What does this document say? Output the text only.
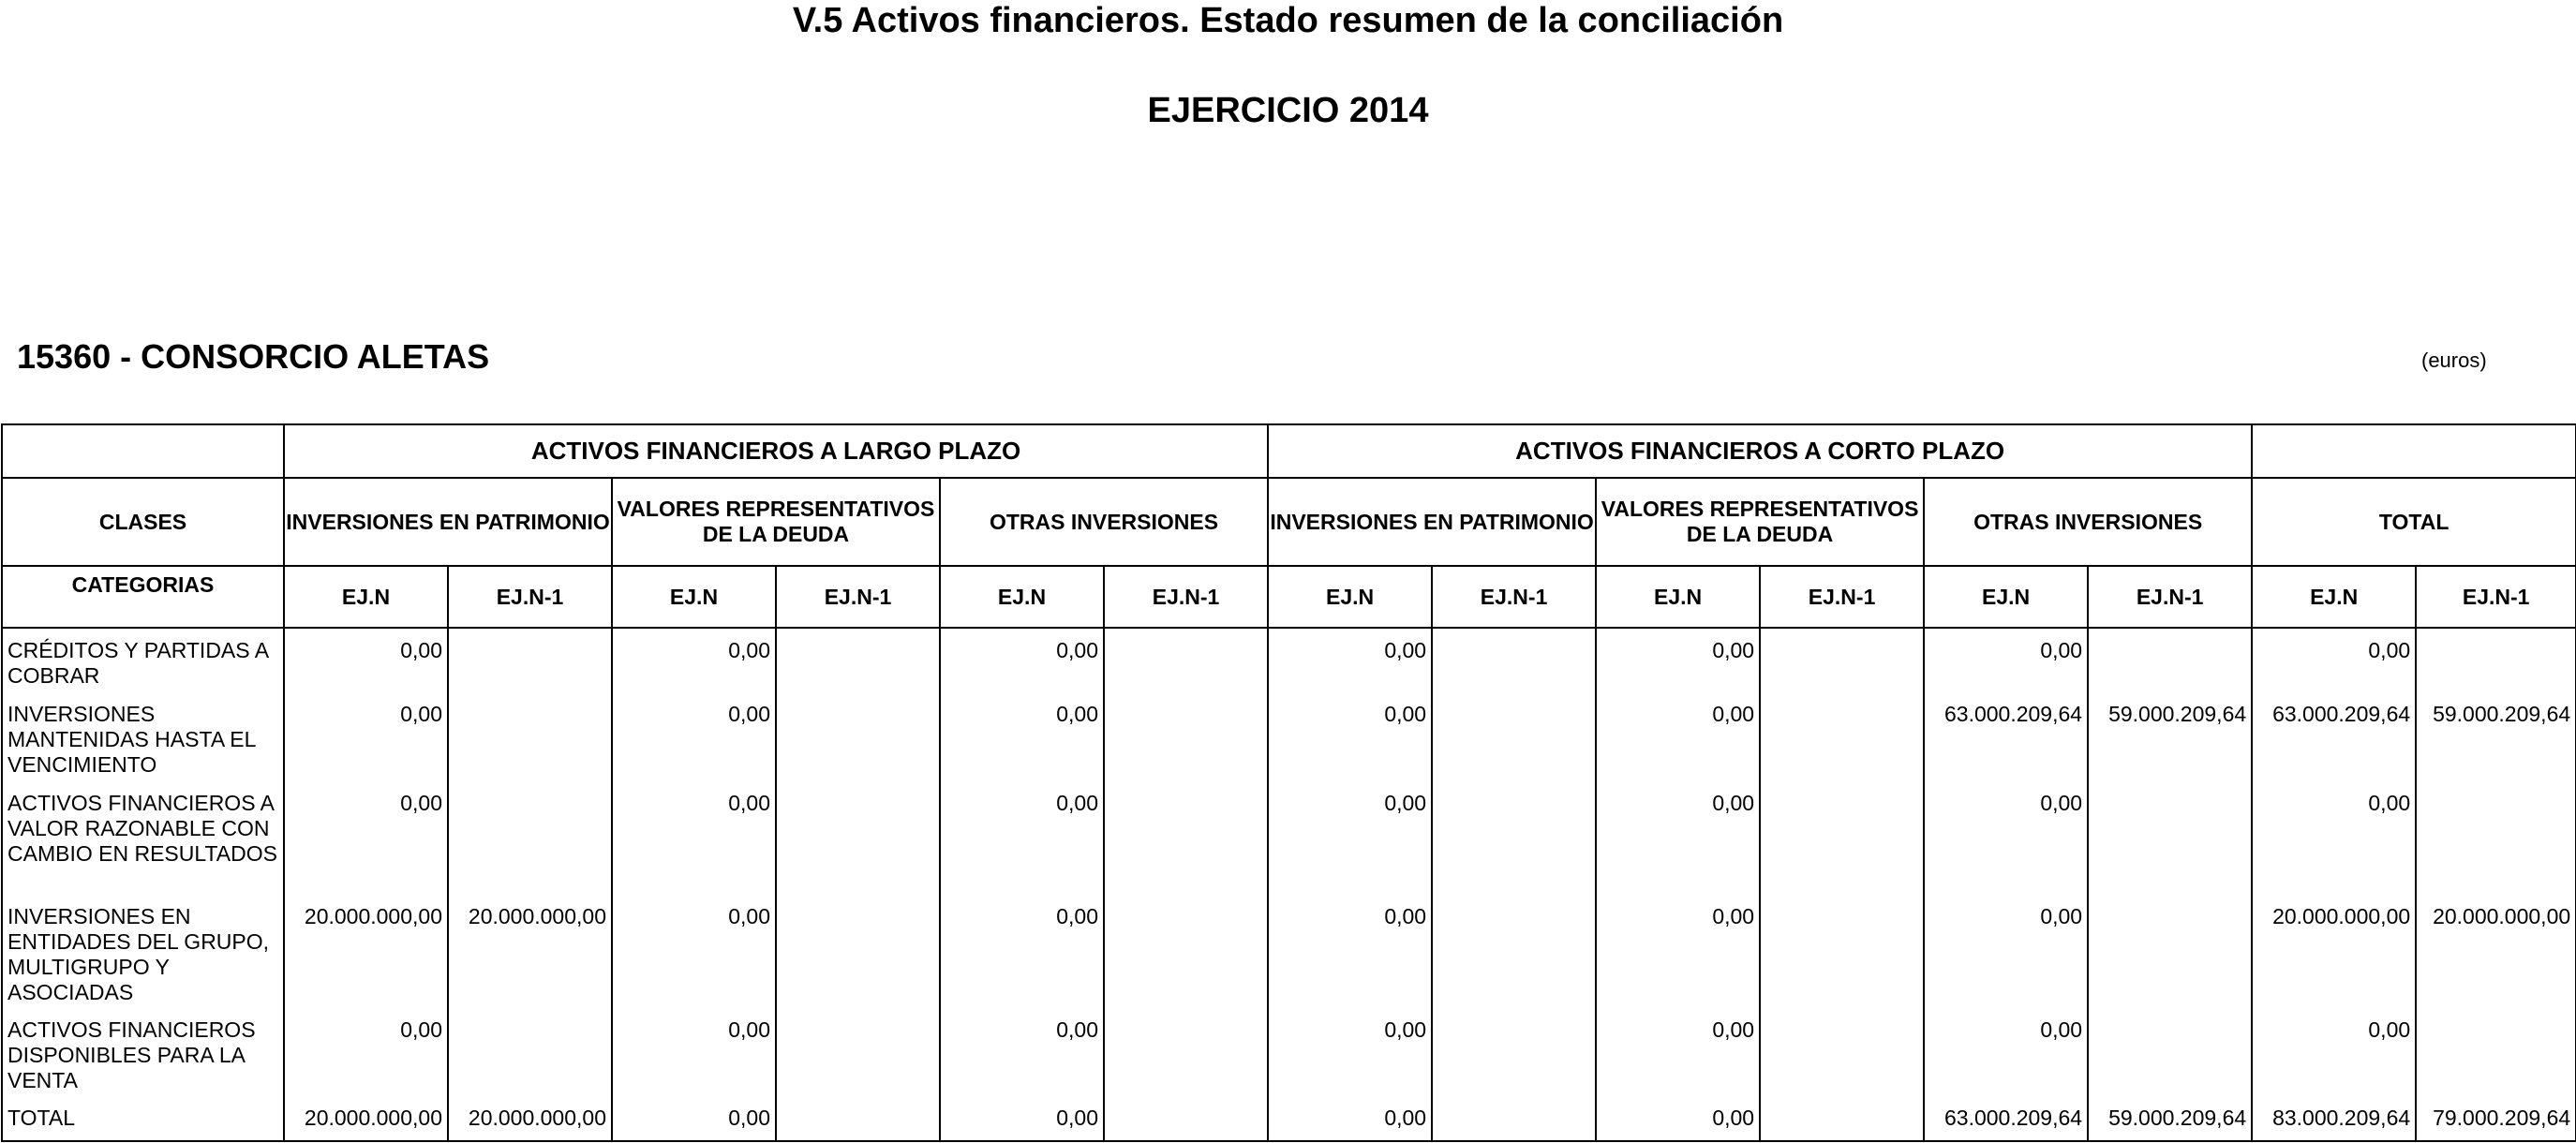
V.5 Activos financieros. Estado resumen de la conciliación
EJERCICIO 2014
15360 - CONSORCIO ALETAS	(euros)
	ACTIVOS FINANCIEROS A LARGO PLAZO						ACTIVOS FINANCIEROS A CORTO PLAZO							
CLASES	INVERSIONES EN PATRIMONIO		VALORES REPRESENTATIVOS DE LA DEUDA		OTRAS INVERSIONES		INVERSIONES EN PATRIMONIO		VALORES REPRESENTATIVOS DE LA DEUDA		OTRAS INVERSIONES		TOTAL	
CATEGORIAS	EJ.N	EJ.N-1	EJ.N	EJ.N-1	EJ.N	EJ.N-1	EJ.N	EJ.N-1	EJ.N	EJ.N-1	EJ.N	EJ.N-1	EJ.N	EJ.N-1
CRÉDITOS Y PARTIDAS A COBRAR	0,00		0,00		0,00		0,00		0,00		0,00		0,00	
INVERSIONES MANTENIDAS HASTA EL VENCIMIENTO	0,00		0,00		0,00		0,00		0,00		63.000.209,64	59.000.209,64	63.000.209,64	59.000.209,64
ACTIVOS FINANCIEROS A VALOR RAZONABLE CON CAMBIO EN RESULTADOS	0,00		0,00		0,00		0,00		0,00		0,00		0,00	
INVERSIONES EN ENTIDADES DEL GRUPO, MULTIGRUPO Y ASOCIADAS	20.000.000,00	20.000.000,00	0,00		0,00		0,00		0,00		0,00		20.000.000,00	20.000.000,00
ACTIVOS FINANCIEROS DISPONIBLES PARA LA VENTA	0,00		0,00		0,00		0,00		0,00		0,00		0,00	
TOTAL	20.000.000,00	20.000.000,00	0,00		0,00		0,00		0,00		63.000.209,64	59.000.209,64	83.000.209,64	79.000.209,64
